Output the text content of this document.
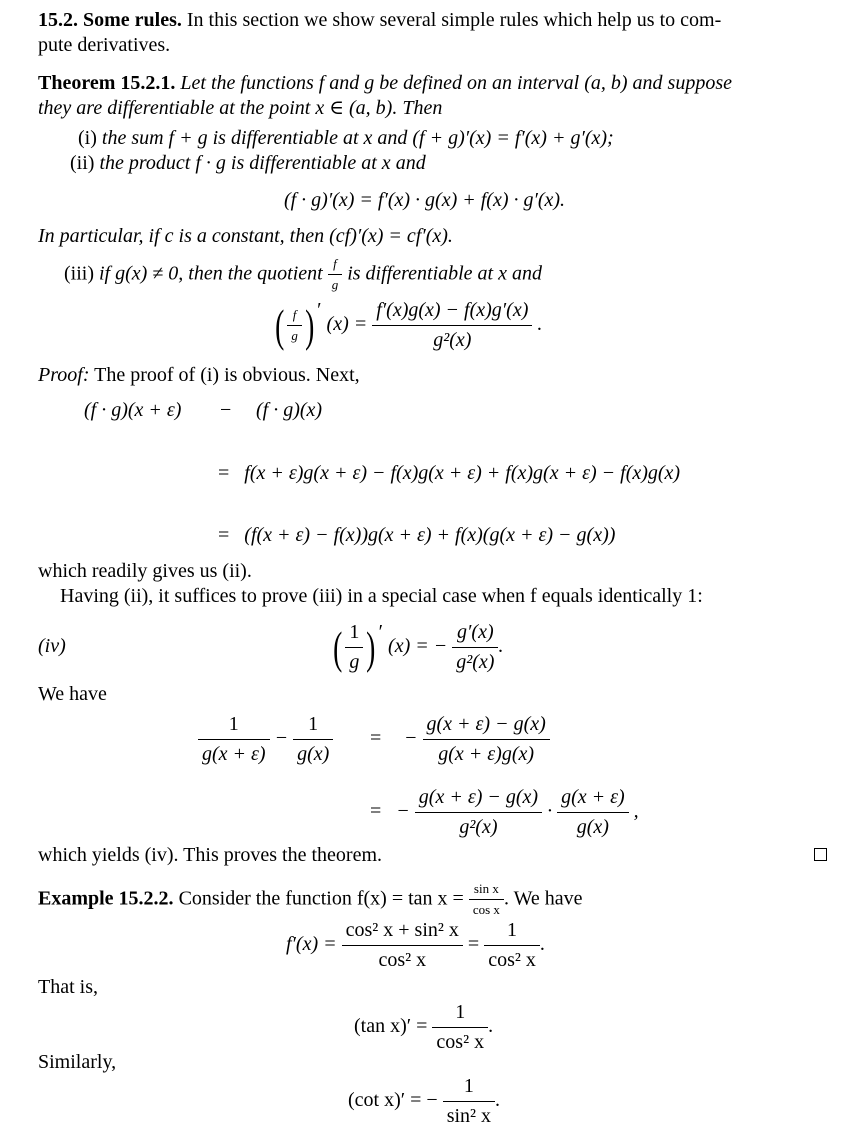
15.2. Some rules. In this section we show several simple rules which help us to com-
pute derivatives.
Theorem 15.2.1. Let the functions f and g be defined on an interval (a, b) and suppose
they are differentiable at the point x ∈ (a, b). Then
(i) the sum f + g is differentiable at x and (f + g)′(x) = f′(x) + g′(x);
(ii) the product f · g is differentiable at x and
(f · g)′(x) = f′(x) · g(x) + f(x) · g′(x).
In particular, if c is a constant, then (cf)′(x) = cf′(x).
(iii) if g(x) ≠ 0, then the quotient $\frac{f}{g}$ is differentiable at x and
( $\frac{f}{g}$ ) ′ $(x) = \frac{f'(x)g(x) - f(x)g'(x)}{\text{g²(x)}}$ .
Proof: The proof of (i) is obvious. Next,
(f · g)(x + ε) − (f · g)(x)
= f(x + ε)g(x + ε) − f(x)g(x + ε) + f(x)g(x + ε) − f(x)g(x)
= (f(x + ε) − f(x))g(x + ε) + f(x)(g(x + ε) − g(x))
which readily gives us (ii).
Having (ii), it suffices to prove (iii) in a special case when f equals identically 1:
(iv)	( $\frac{1}{g}$ ) ′ (x) = − $\frac{g'(x)}{\text{g²(x)}}$ .
We have
$\frac{1}{g(x + \varepsilon)} - \frac{1}{g(x)}$ = − $\frac{g(x + \varepsilon) - g(x)}{g(x + \varepsilon)g(x)}$
= − $\frac{g(x + \varepsilon) - g(x)}{\text{g²(x)}} \cdot \frac{g(x + \varepsilon)}{g(x)}$ ,
which yields (iv). This proves the theorem.
Example 15.2.2. Consider the function $f(x) = \tan x = \frac{\text{sin x}}{\text{cos x}}$ . We have
$f'(x) = \frac{\text{cos² x + sin² x}}{\text{cos² x}} = \frac{1}{\text{cos² x}}$ .
That is,
(tan $x)' = \frac{1}{\text{cos² x}}$ .
Similarly,
(cot x)′ = − $\frac{1}{\text{sin² x}}$ .
